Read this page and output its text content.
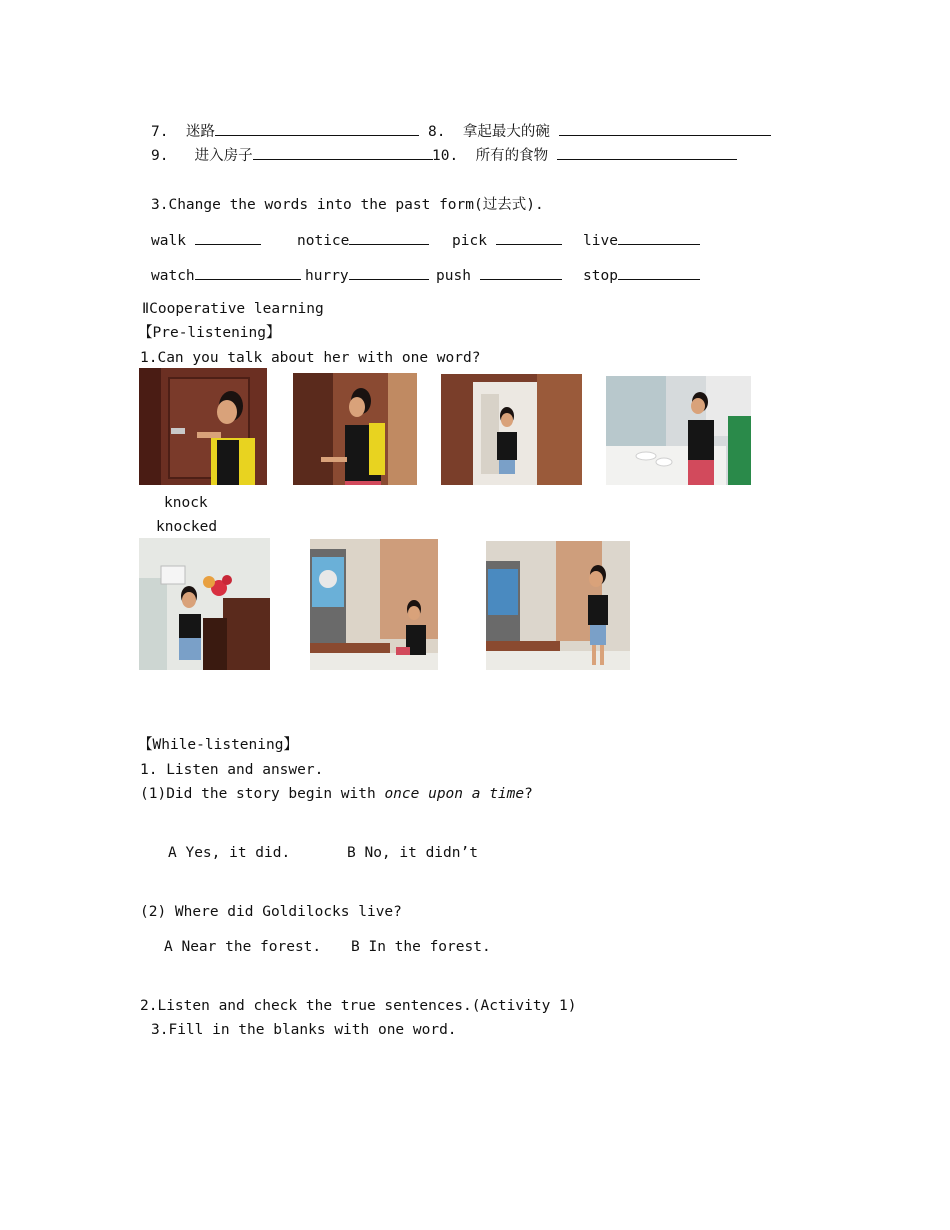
7.  迷路	8.  拿起最大的碗
9.   进入房子	10.  所有的食物
3.Change the words into the past form(过去式).
walk	notice	pick	live
watch	hurry	push	stop
ⅡCooperative learning
【Pre-listening】
1.Can you talk about her with one word?
knock
knocked
【While-listening】
1. Listen and answer.
(1)Did the story begin with once upon a time?
A Yes, it did.	B No, it didn’t
(2) Where did Goldilocks live?
A Near the forest. B In the forest.
2.Listen and check the true sentences.(Activity 1)
3.Fill in the blanks with one word.
